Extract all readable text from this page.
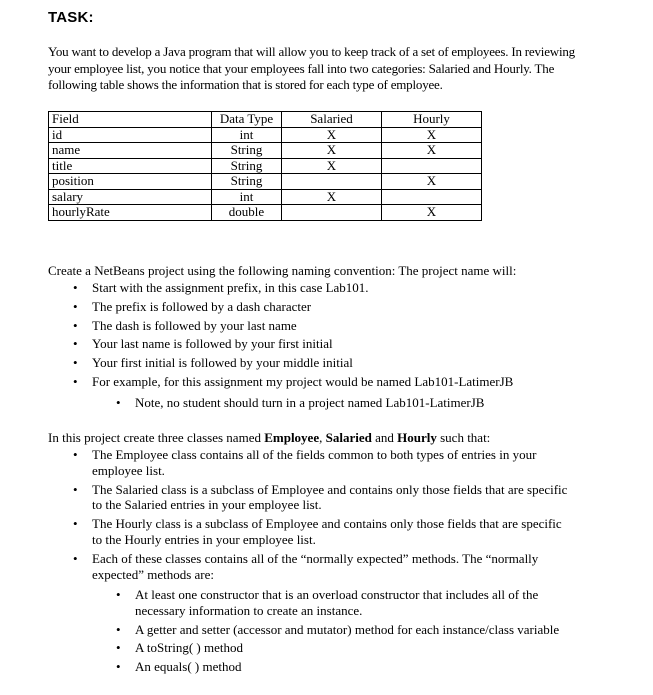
TASK:
You want to develop a Java program that will allow you to keep track of a set of employees. In reviewing your employee list, you notice that your employees fall into two categories: Salaried and Hourly. The following table shows the information that is stored for each type of employee.
Field	Data Type	Salaried	Hourly
id	int	X	X
name	String	X	X
title	String	X	
position	String		X
salary	int	X	
hourlyRate	double		X
Create a NetBeans project using the following naming convention: The project name will:
• Start with the assignment prefix, in this case Lab101.
• The prefix is followed by a dash character
• The dash is followed by your last name
• Your last name is followed by your first initial
• Your first initial is followed by your middle initial
• For example, for this assignment my project would be named Lab101-LatimerJB
• Note, no student should turn in a project named Lab101-LatimerJB
In this project create three classes named Employee, Salaried and Hourly such that:
• The Employee class contains all of the fields common to both types of entries in your employee list.
• The Salaried class is a subclass of Employee and contains only those fields that are specific to the Salaried entries in your employee list.
• The Hourly class is a subclass of Employee and contains only those fields that are specific to the Hourly entries in your employee list.
• Each of these classes contains all of the “normally expected” methods. The “normally expected” methods are:
• At least one constructor that is an overload constructor that includes all of the necessary information to create an instance.
• A getter and setter (accessor and mutator) method for each instance/class variable
• A toString( ) method
• An equals( ) method
